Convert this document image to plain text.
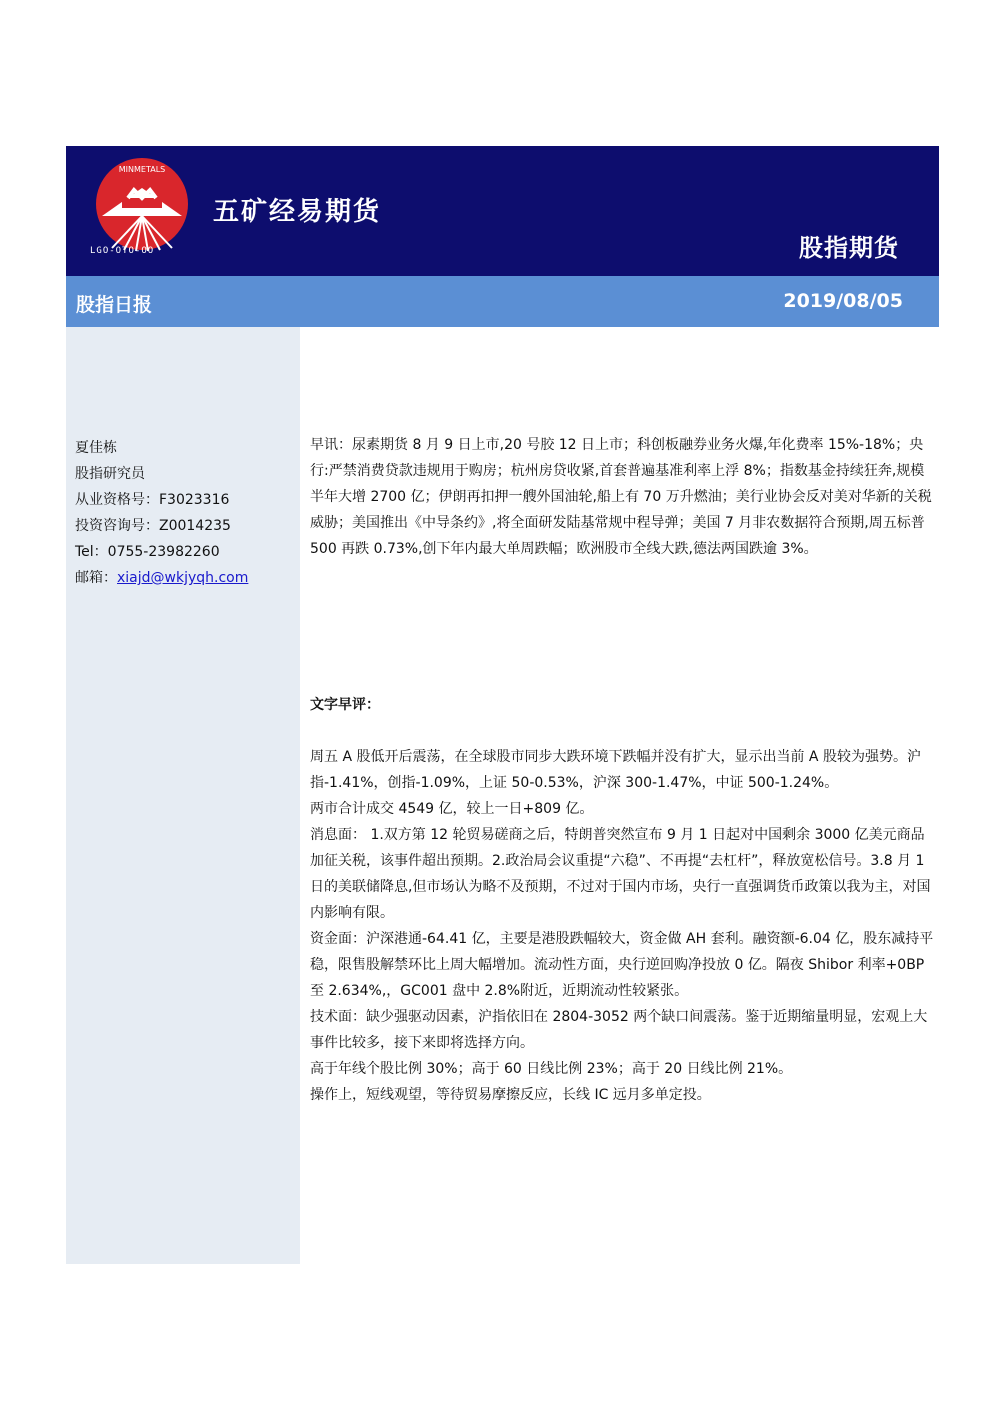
MINMETALS
LGO-OTO-OO
五矿经易期货
股指期货
股指日报	2019/08/05
夏佳栋
股指研究员
从业资格号：F3023316
投资咨询号：Z0014235
Tel：0755-23982260
邮箱：xiajd@wkjyqh.com
早讯：尿素期货 8 月 9 日上市,20 号胶 12 日上市；科创板融券业务火爆,年化费率 15%-18%；央行:严禁消费贷款违规用于购房；杭州房贷收紧,首套普遍基准利率上浮 8%；指数基金持续狂奔,规模半年大增 2700 亿；伊朗再扣押一艘外国油轮,船上有 70 万升燃油；美行业协会反对美对华新的关税威胁；美国推出《中导条约》,将全面研发陆基常规中程导弹；美国 7 月非农数据符合预期,周五标普 500 再跌 0.73%,创下年内最大单周跌幅；欧洲股市全线大跌,德法两国跌逾 3%。
文字早评：

周五 A 股低开后震荡，在全球股市同步大跌环境下跌幅并没有扩大，显示出当前 A 股较为强势。沪指-1.41%，创指-1.09%，上证 50-0.53%，沪深 300-1.47%，中证 500-1.24%。

两市合计成交 4549 亿，较上一日+809 亿。

消息面： 1.双方第 12 轮贸易磋商之后，特朗普突然宣布 9 月 1 日起对中国剩余 3000 亿美元商品加征关税，该事件超出预期。2.政治局会议重提“六稳”、不再提“去杠杆”，释放宽松信号。3.8 月 1 日的美联储降息,但市场认为略不及预期，不过对于国内市场，央行一直强调货币政策以我为主，对国内影响有限。

资金面：沪深港通-64.41 亿，主要是港股跌幅较大，资金做 AH 套利。融资额-6.04 亿，股东减持平稳，限售股解禁环比上周大幅增加。流动性方面，央行逆回购净投放 0 亿。隔夜 Shibor 利率+0BP 至 2.634%,，GC001 盘中 2.8%附近，近期流动性较紧张。

技术面：缺少强驱动因素，沪指依旧在 2804-3052 两个缺口间震荡。鉴于近期缩量明显，宏观上大事件比较多，接下来即将选择方向。

高于年线个股比例 30%；高于 60 日线比例 23%；高于 20 日线比例 21%。

操作上，短线观望，等待贸易摩擦反应，长线 IC 远月多单定投。
